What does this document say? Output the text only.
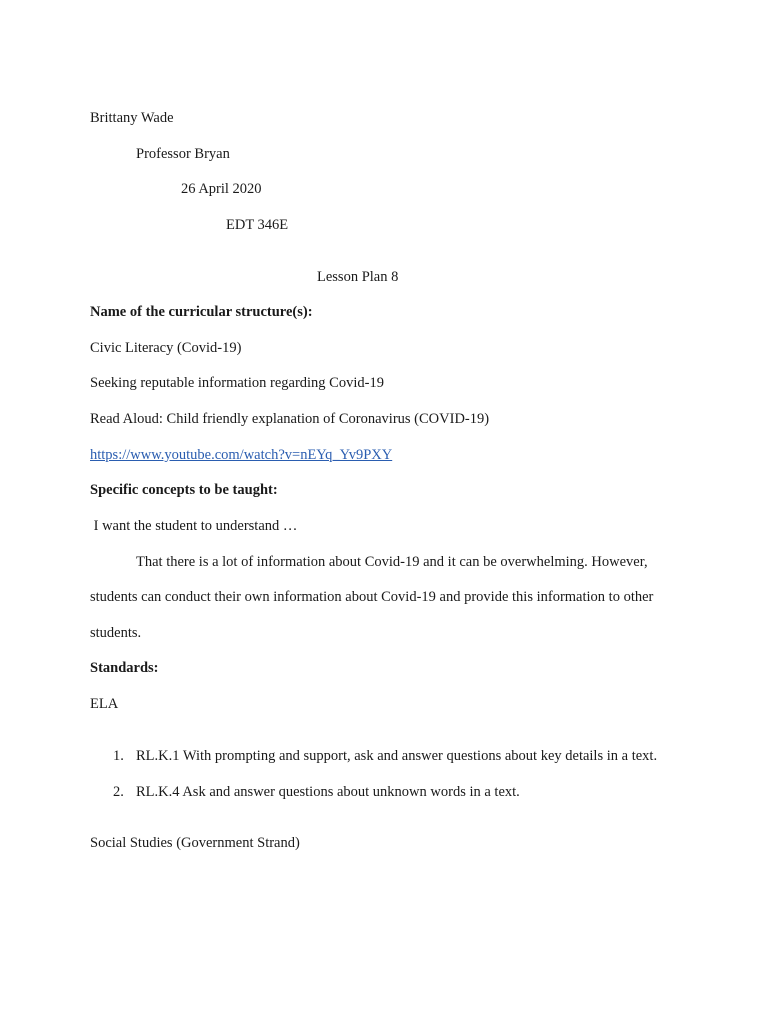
Brittany Wade
Professor Bryan
26 April 2020
EDT 346E
Lesson Plan 8
Name of the curricular structure(s):
Civic Literacy (Covid-19)
Seeking reputable information regarding Covid-19
Read Aloud: Child friendly explanation of Coronavirus (COVID-19)
https://www.youtube.com/watch?v=nEYq_Yv9PXY
Specific concepts to be taught:
I want the student to understand …
That there is a lot of information about Covid-19 and it can be overwhelming. However,
students can conduct their own information about Covid-19 and provide this information to other
students.
Standards:
ELA
1. RL.K.1 With prompting and support, ask and answer questions about key details in a text.
2. RL.K.4 Ask and answer questions about unknown words in a text.
Social Studies (Government Strand)
